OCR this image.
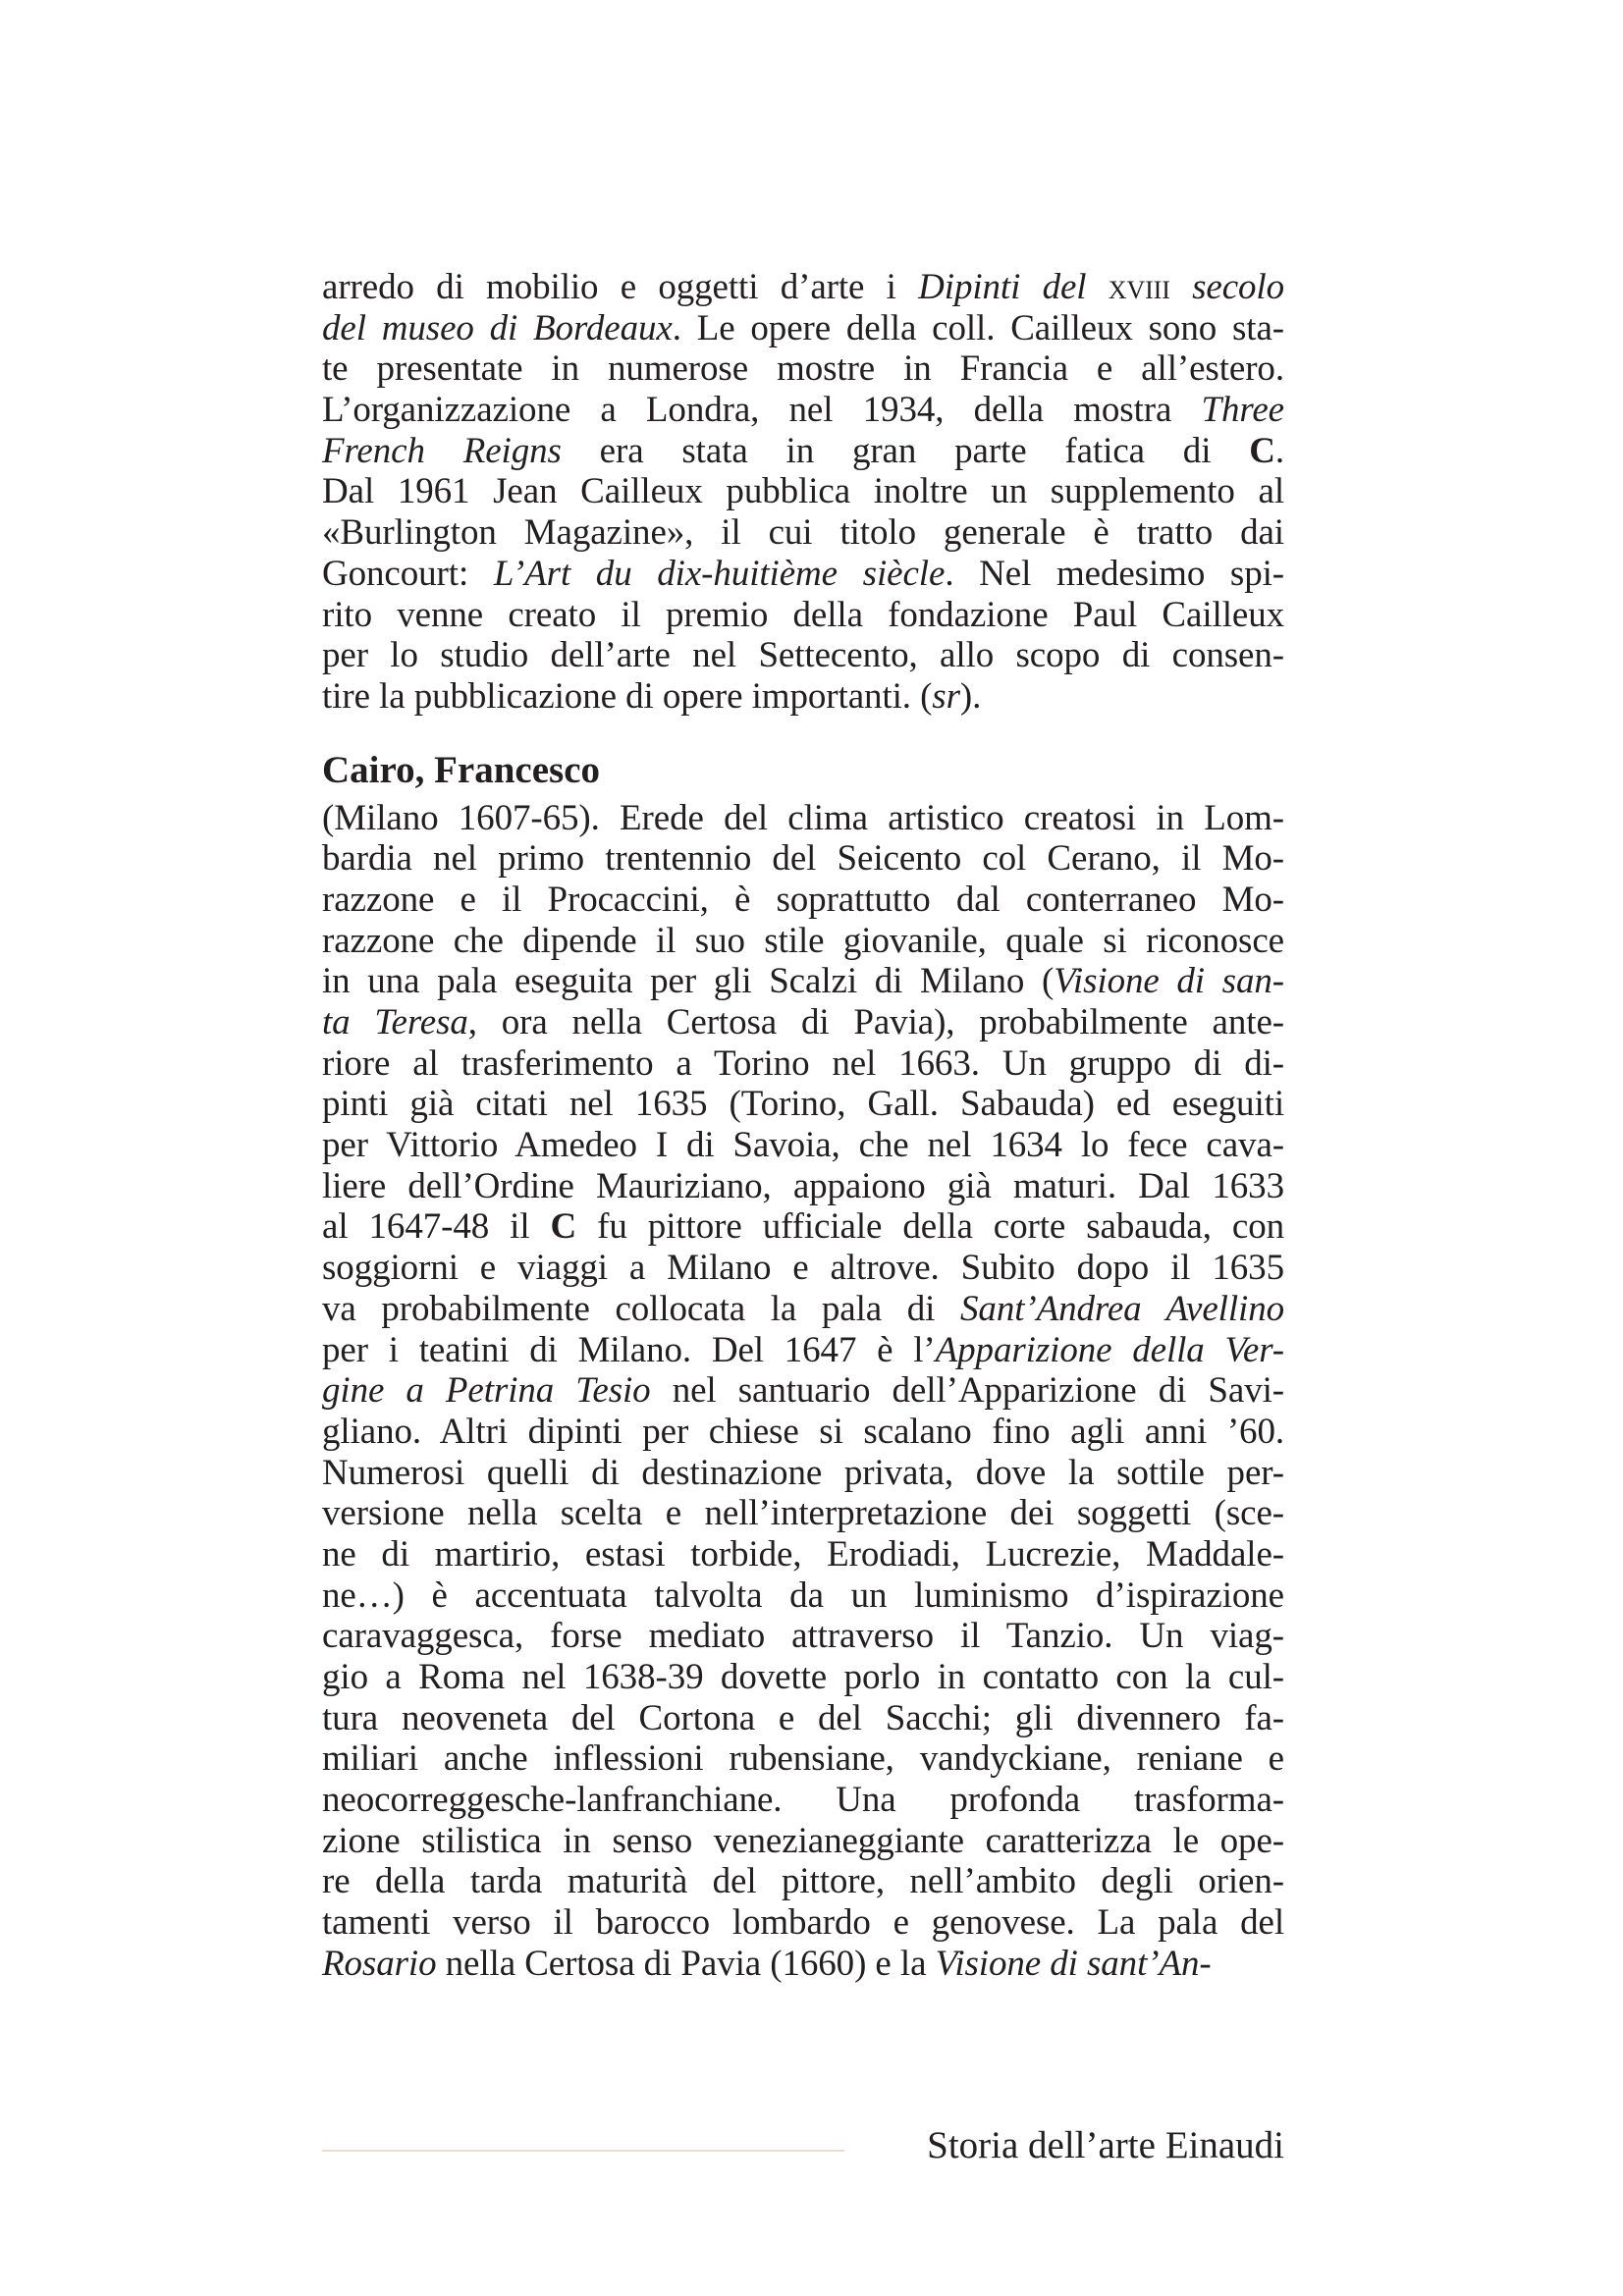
arredo di mobilio e oggetti d’arte i Dipinti del xviii secolo
del museo di Bordeaux. Le opere della coll. Cailleux sono sta-
te presentate in numerose mostre in Francia e all’estero.
L’organizzazione a Londra, nel 1934, della mostra Three
French Reigns era stata in gran parte fatica di C.
Dal 1961 Jean Cailleux pubblica inoltre un supplemento al
«Burlington Magazine», il cui titolo generale è tratto dai
Goncourt: L’Art du dix-huitième siècle. Nel medesimo spi-
rito venne creato il premio della fondazione Paul Cailleux
per lo studio dell’arte nel Settecento, allo scopo di consen-
tire la pubblicazione di opere importanti. (sr).
Cairo, Francesco
(Milano 1607-65). Erede del clima artistico creatosi in Lom-
bardia nel primo trentennio del Seicento col Cerano, il Mo-
razzone e il Procaccini, è soprattutto dal conterraneo Mo-
razzone che dipende il suo stile giovanile, quale si riconosce
in una pala eseguita per gli Scalzi di Milano (Visione di san-
ta Teresa, ora nella Certosa di Pavia), probabilmente ante-
riore al trasferimento a Torino nel 1663. Un gruppo di di-
pinti già citati nel 1635 (Torino, Gall. Sabauda) ed eseguiti
per Vittorio Amedeo I di Savoia, che nel 1634 lo fece cava-
liere dell’Ordine Mauriziano, appaiono già maturi. Dal 1633
al 1647-48 il C fu pittore ufficiale della corte sabauda, con
soggiorni e viaggi a Milano e altrove. Subito dopo il 1635
va probabilmente collocata la pala di Sant’Andrea Avellino
per i teatini di Milano. Del 1647 è l’Apparizione della Ver-
gine a Petrina Tesio nel santuario dell’Apparizione di Savi-
gliano. Altri dipinti per chiese si scalano fino agli anni ’60.
Numerosi quelli di destinazione privata, dove la sottile per-
versione nella scelta e nell’interpretazione dei soggetti (sce-
ne di martirio, estasi torbide, Erodiadi, Lucrezie, Maddale-
ne…) è accentuata talvolta da un luminismo d’ispirazione
caravaggesca, forse mediato attraverso il Tanzio. Un viag-
gio a Roma nel 1638-39 dovette porlo in contatto con la cul-
tura neoveneta del Cortona e del Sacchi; gli divennero fa-
miliari anche inflessioni rubensiane, vandyckiane, reniane e
neocorreggesche-lanfranchiane. Una profonda trasforma-
zione stilistica in senso venezianeggiante caratterizza le ope-
re della tarda maturità del pittore, nell’ambito degli orien-
tamenti verso il barocco lombardo e genovese. La pala del
Rosario nella Certosa di Pavia (1660) e la Visione di sant’An-
Storia dell’arte Einaudi
